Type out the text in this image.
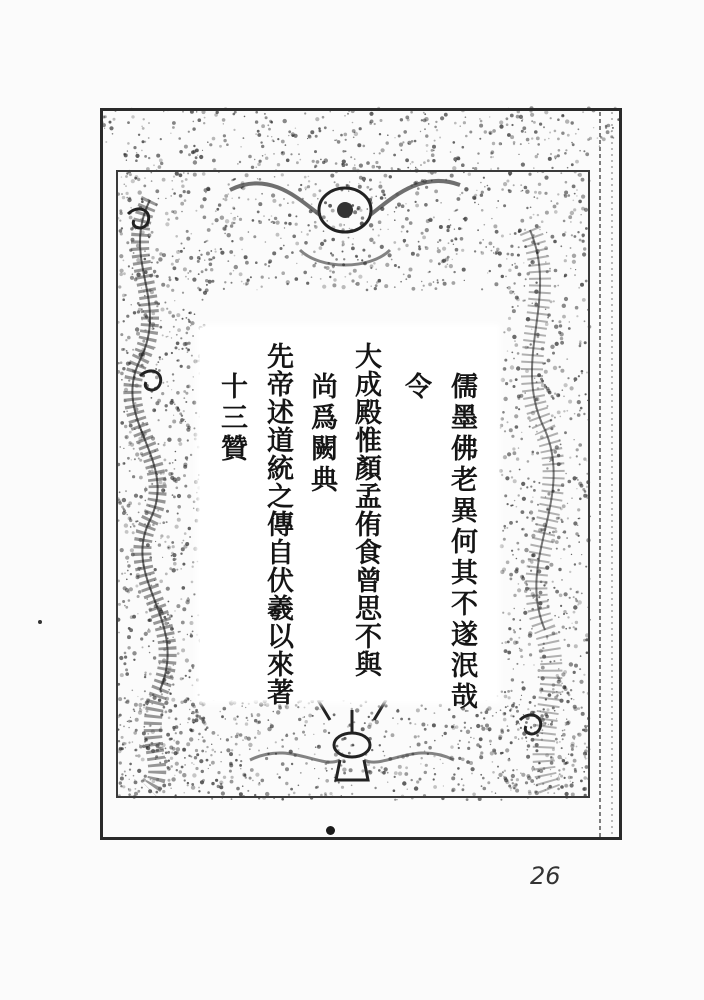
儒墨佛老異何其不遂泯哉
令
大成殿惟顏孟侑食曾思不與
尚爲闕典
先帝述道統之傳自伏羲以來著
十三贊
26
